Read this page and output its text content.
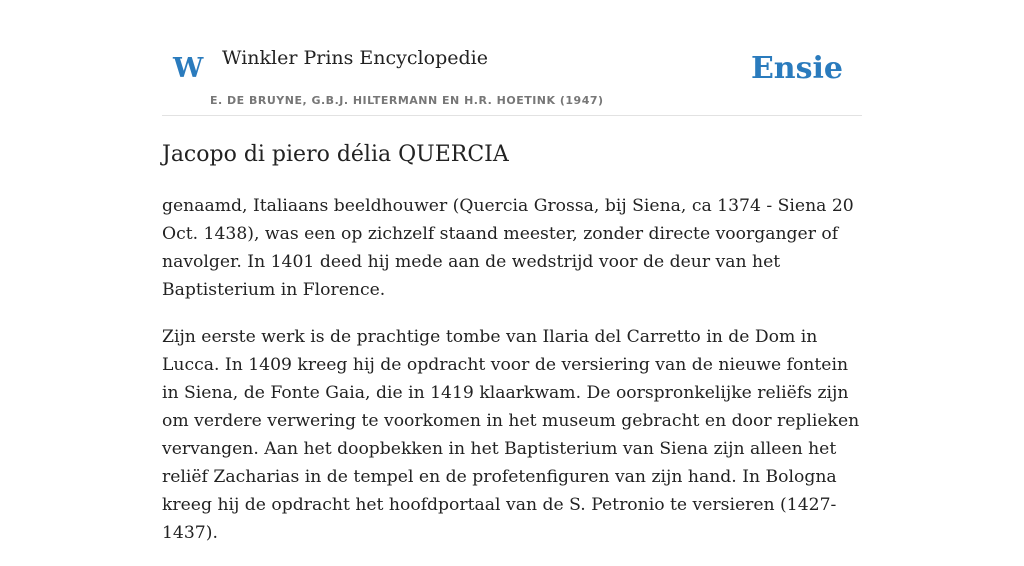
W Winkler Prins Encyclopedie
E. DE BRUYNE, G.B.J. HILTERMANN EN H.R. HOETINK (1947)
Ensie
Jacopo di piero délia QUERCIA

genaamd, Italiaans beeldhouwer (Quercia Grossa, bij Siena, ca 1374 - Siena 20 Oct. 1438), was een op zichzelf staand meester, zonder directe voorganger of navolger. In 1401 deed hij mede aan de wedstrijd voor de deur van het Baptisterium in Florence.

Zijn eerste werk is de prachtige tombe van Ilaria del Carretto in de Dom in Lucca. In 1409 kreeg hij de opdracht voor de versiering van de nieuwe fontein in Siena, de Fonte Gaia, die in 1419 klaarkwam. De oorspronkelijke reliëfs zijn om verdere verwering te voorkomen in het museum gebracht en door replieken vervangen. Aan het doopbekken in het Baptisterium van Siena zijn alleen het reliëf Zacharias in de tempel en de profetenfiguren van zijn hand. In Bologna kreeg hij de opdracht het hoofdportaal van de S. Petronio te versieren (1427-1437).
